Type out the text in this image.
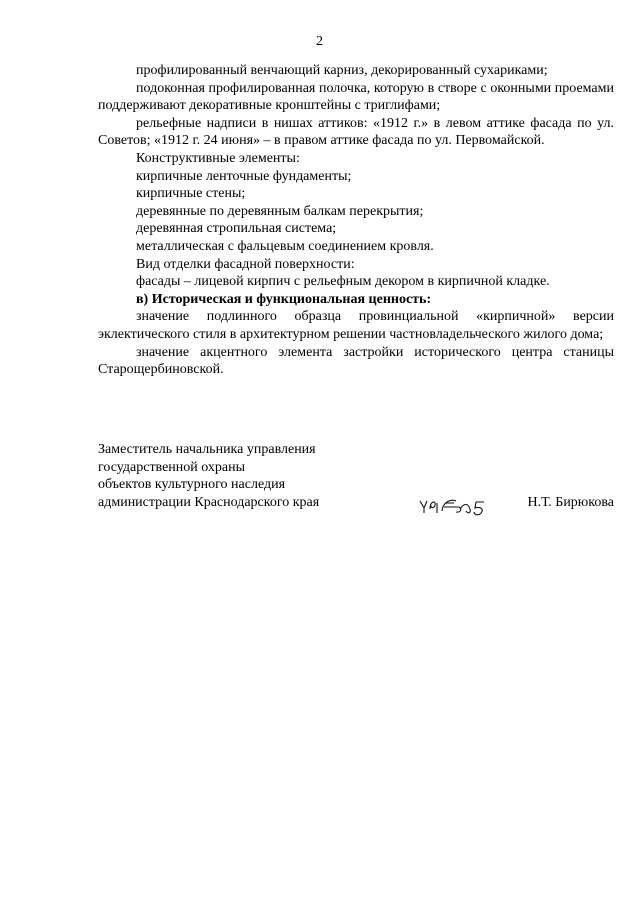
2

профилированный венчающий карниз, декорированный сухариками;

подоконная профилированная полочка, которую в створе с оконными проемами поддерживают декоративные кронштейны с триглифами;

рельефные надписи в нишах аттиков: «1912 г.» в левом аттике фасада по ул. Советов; «1912 г. 24 июня» – в правом аттике фасада по ул. Первомайской.

Конструктивные элементы:

кирпичные ленточные фундаменты;

кирпичные стены;

деревянные по деревянным балкам перекрытия;

деревянная стропильная система;

металлическая с фальцевым соединением кровля.

Вид отделки фасадной поверхности:

фасады – лицевой кирпич с рельефным декором в кирпичной кладке.

в) Историческая и функциональная ценность:

значение подлинного образца провинциальной «кирпичной» версии эклектического стиля в архитектурном решении частновладельческого жилого дома;

значение акцентного элемента застройки исторического центра станицы Старощербиновской.

Заместитель начальника управления

государственной охраны

объектов культурного наследия

администрации Краснодарского края	Н.Т. Бирюкова
